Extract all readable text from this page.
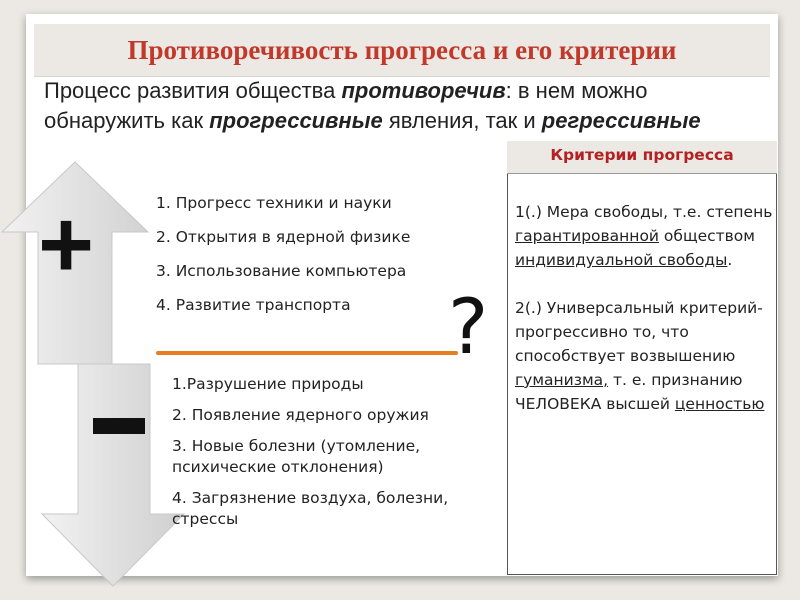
Противоречивость прогресса и его критерии
Процесс развития общества противоречив: в нем можно обнаружить как прогрессивные явления, так и регрессивные
+	1. Прогресс техники и науки
2. Открытия в ядерной физике
3. Использование компьютера
4. Развитие транспорта	?
1.Разрушение природы
2. Появление ядерного оружия
3. Новые болезни (утомление, психические отклонения)
4. Загрязнение воздуха, болезни, стрессы
Критерии прогресса

1(.) Мера свободы, т.е. степень гарантированной обществом индивидуальной свободы.

2(.) Универсальный критерий- прогрессивно то, что способствует возвышению гуманизма, т. е. признанию ЧЕЛОВЕКА высшей ценностью
